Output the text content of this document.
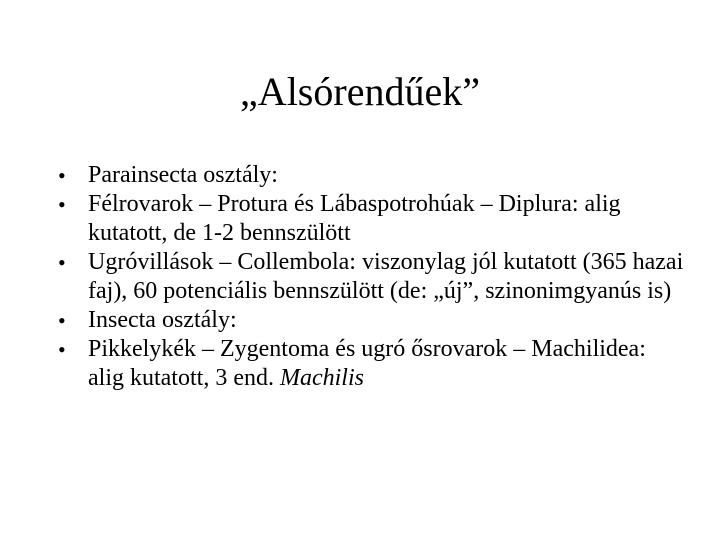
„Alsórendűek”
• Parainsecta osztály:
• Félrovarok – Protura és Lábaspotrohúak – Diplura: alig kutatott, de 1-2 bennszülött
• Ugróvillások – Collembola: viszonylag jól kutatott (365 hazai faj), 60 potenciális bennszülött (de: „új”, szinonimgyanús is)
• Insecta osztály:
• Pikkelykék – Zygentoma és ugró ősrovarok – Machilidea: alig kutatott, 3 end. Machilis
